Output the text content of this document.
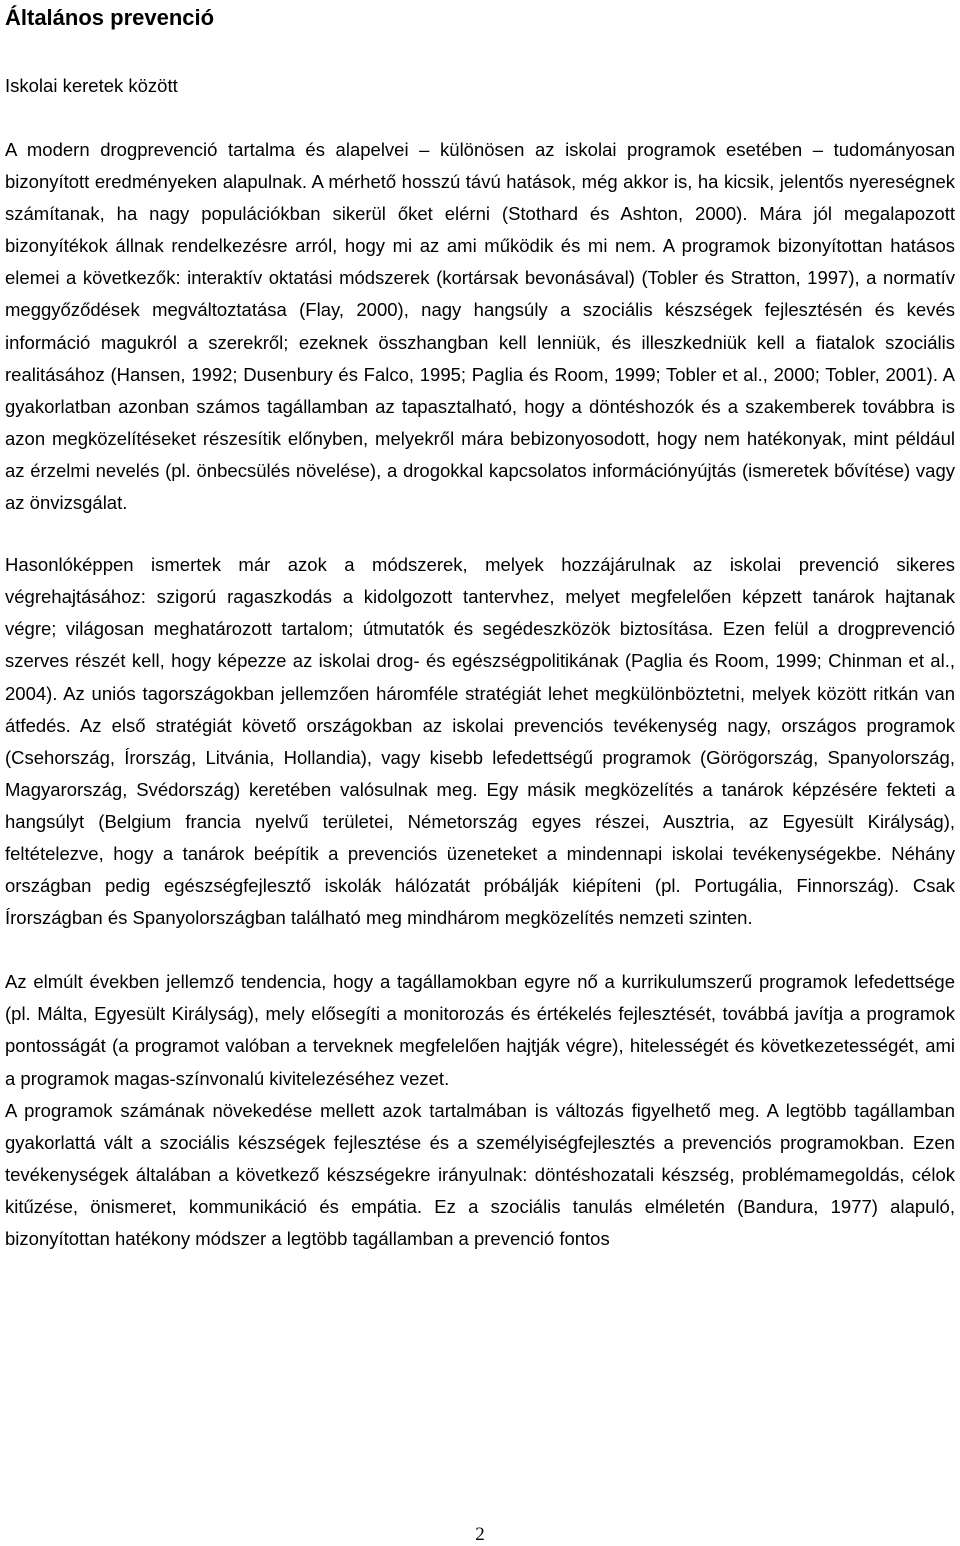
Általános prevenció

Iskolai keretek között

A modern drogprevenció tartalma és alapelvei – különösen az iskolai programok esetében – tudományosan bizonyított eredményeken alapulnak. A mérhető hosszú távú hatások, még akkor is, ha kicsik, jelentős nyereségnek számítanak, ha nagy populációkban sikerül őket elérni (Stothard és Ashton, 2000). Mára jól megalapozott bizonyítékok állnak rendelkezésre arról, hogy mi az ami működik és mi nem. A programok bizonyítottan hatásos elemei a következők: interaktív oktatási módszerek (kortársak bevonásával) (Tobler és Stratton, 1997), a normatív meggyőződések megváltoztatása (Flay, 2000), nagy hangsúly a szociális készségek fejlesztésén és kevés információ magukról a szerekről; ezeknek összhangban kell lenniük, és illeszkedniük kell a fiatalok szociális realitásához (Hansen, 1992; Dusenbury és Falco, 1995; Paglia és Room, 1999; Tobler et al., 2000; Tobler, 2001). A gyakorlatban azonban számos tagállamban az tapasztalható, hogy a döntéshozók és a szakemberek továbbra is azon megközelítéseket részesítik előnyben, melyekről mára bebizonyosodott, hogy nem hatékonyak, mint például az érzelmi nevelés (pl. önbecsülés növelése), a drogokkal kapcsolatos információnyújtás (ismeretek bővítése) vagy az önvizsgálat.

Hasonlóképpen ismertek már azok a módszerek, melyek hozzájárulnak az iskolai prevenció sikeres végrehajtásához: szigorú ragaszkodás a kidolgozott tantervhez, melyet megfelelően képzett tanárok hajtanak végre; világosan meghatározott tartalom; útmutatók és segédeszközök biztosítása. Ezen felül a drogprevenció szerves részét kell, hogy képezze az iskolai drog- és egészségpolitikának (Paglia és Room, 1999; Chinman et al., 2004). Az uniós tagországokban jellemzően háromféle stratégiát lehet megkülönböztetni, melyek között ritkán van átfedés. Az első stratégiát követő országokban az iskolai prevenciós tevékenység nagy, országos programok (Csehország, Írország, Litvánia, Hollandia), vagy kisebb lefedettségű programok (Görögország, Spanyolország, Magyarország, Svédország) keretében valósulnak meg. Egy másik megközelítés a tanárok képzésére fekteti a hangsúlyt (Belgium francia nyelvű területei, Németország egyes részei, Ausztria, az Egyesült Királyság), feltételezve, hogy a tanárok beépítik a prevenciós üzeneteket a mindennapi iskolai tevékenységekbe. Néhány országban pedig egészségfejlesztő iskolák hálózatát próbálják kiépíteni (pl. Portugália, Finnország). Csak Írországban és Spanyolországban található meg mindhárom megközelítés nemzeti szinten.

Az elmúlt években jellemző tendencia, hogy a tagállamokban egyre nő a kurrikulumszerű programok lefedettsége (pl. Málta, Egyesült Királyság), mely elősegíti a monitorozás és értékelés fejlesztését, továbbá javítja a programok pontosságát (a programot valóban a terveknek megfelelően hajtják végre), hitelességét és következetességét, ami a programok magas-színvonalú kivitelezéséhez vezet.

A programok számának növekedése mellett azok tartalmában is változás figyelhető meg. A legtöbb tagállamban gyakorlattá vált a szociális készségek fejlesztése és a személyiségfejlesztés a prevenciós programokban. Ezen tevékenységek általában a következő készségekre irányulnak: döntéshozatali készség, problémamegoldás, célok kitűzése, önismeret, kommunikáció és empátia. Ez a szociális tanulás elméletén (Bandura, 1977) alapuló, bizonyítottan hatékony módszer a legtöbb tagállamban a prevenció fontos

2
